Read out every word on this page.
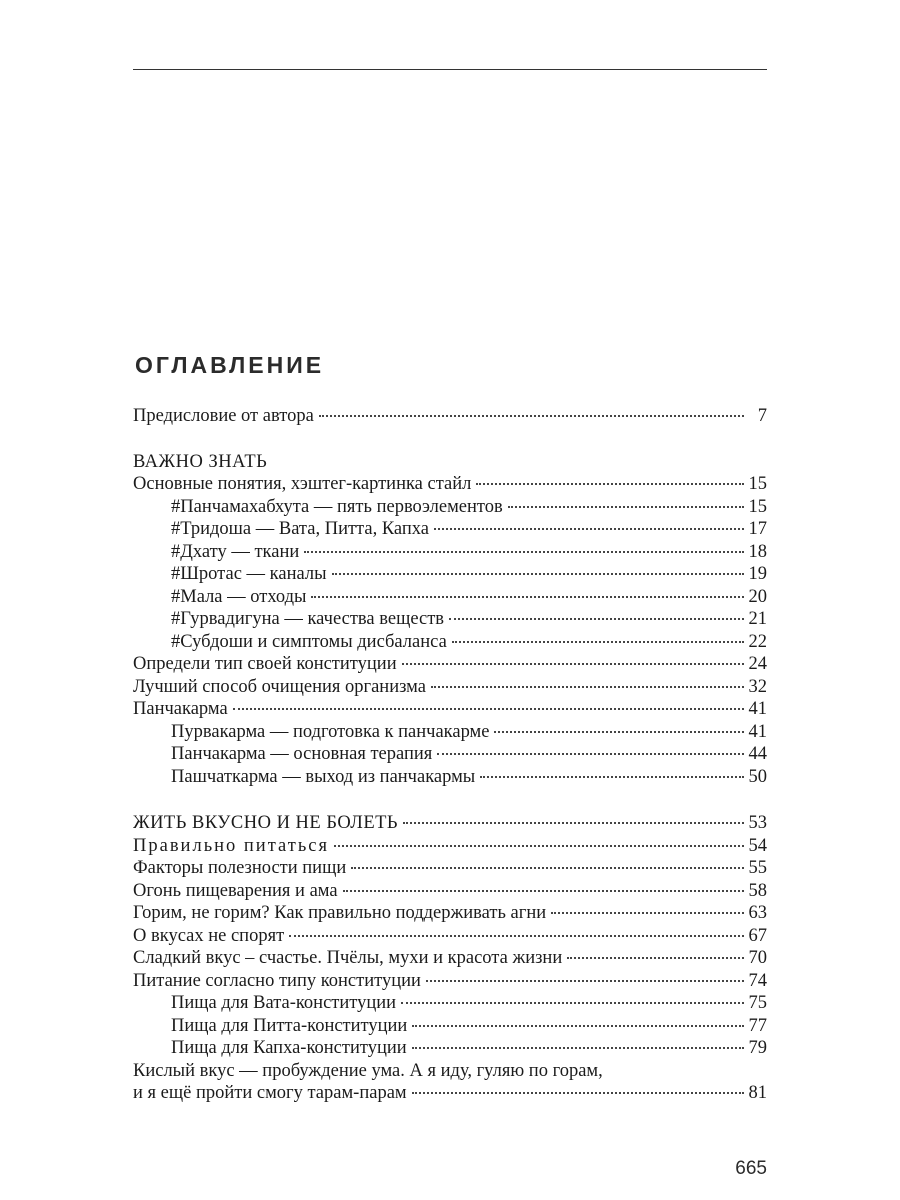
ОГЛАВЛЕНИЕ
Предисловие от автора	7
ВАЖНО ЗНАТЬ
Основные понятия, хэштег-картинка стайл	15
#Панчамахабхута — пять первоэлементов	15
#Тридоша — Вата, Питта, Капха	17
#Дхату — ткани	18
#Шротас — каналы	19
#Мала — отходы	20
#Гурвадигуна — качества веществ	21
#Субдоши и симптомы дисбаланса	22
Определи тип своей конституции	24
Лучший способ очищения организма	32
Панчакарма	41
Пурвакарма — подготовка к панчакарме	41
Панчакарма — основная терапия	44
Пашчаткарма — выход из панчакармы	50
ЖИТЬ ВКУСНО И НЕ БОЛЕТЬ	53
Правильно питаться	54
Факторы полезности пищи	55
Огонь пищеварения и ама	58
Горим, не горим? Как правильно поддерживать агни	63
О вкусах не спорят	67
Сладкий вкус – счастье. Пчёлы, мухи и красота жизни	70
Питание согласно типу конституции	74
Пища для Вата-конституции	75
Пища для Питта-конституции	77
Пища для Капха-конституции	79
Кислый вкус — пробуждение ума. А я иду, гуляю по горам,
и я ещё пройти смогу тарам-парам	81
665
